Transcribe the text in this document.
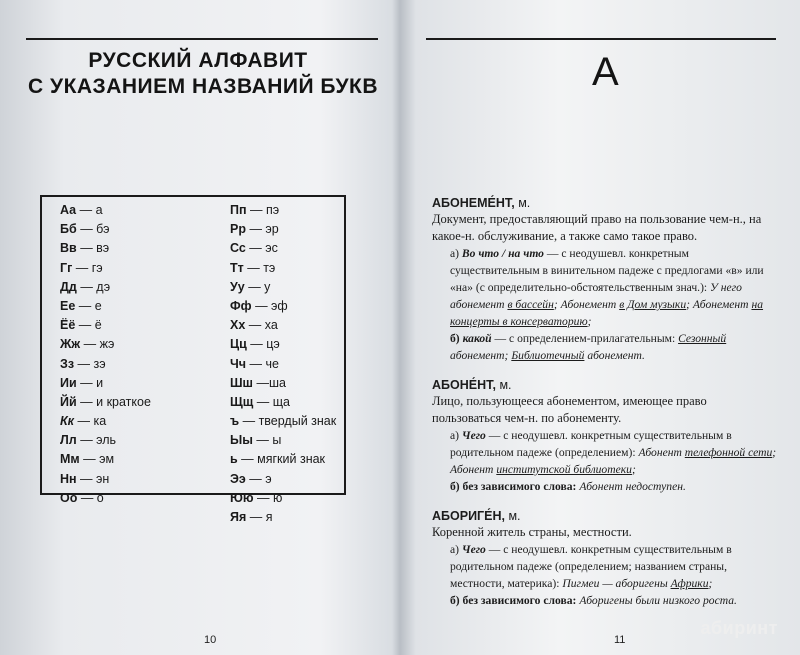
РУССКИЙ АЛФАВИТ
С УКАЗАНИЕМ НАЗВАНИЙ БУКВ
Аа — а
Бб — бэ
Вв — вэ
Гг — гэ
Дд — дэ
Ее — е
Ёё — ё
Жж — жэ
Зз — зэ
Ии — и
Йй — и краткое
Кк — ка
Лл — эль
Мм — эм
Нн — эн
Оо — о
Пп — пэ
Рр — эр
Сс — эс
Тт — тэ
Уу — у
Фф — эф
Хх — ха
Цц — цэ
Чч — че
Шш —ша
Щщ — ща
ъ — твердый знак
Ыы — ы
ь — мягкий знак
Ээ — э
Юю — ю
Яя — я
10
А
АБОНЕМЕ́НТ, м.
Документ, предоставляющий право на пользование чем-н., на какое-н. обслуживание, а также само такое право.
а) Во что / на что — с неодушевл. конкретным существительным в винительном падеже с предлогами «в» или «на» (с определительно-обстоятельственным знач.): У него абонемент в бассейн; Абонемент в Дом музыки; Абонемент на концерты в консерваторию;
б) какой — с определением-прилагательным: Сезонный абонемент; Библиотечный абонемент.
АБОНЕ́НТ, м.
Лицо, пользующееся абонементом, имеющее право пользоваться чем-н. по абонементу.
а) Чего — с неодушевл. конкретным существительным в родительном падеже (определением): Абонент телефонной сети; Абонент институтской библиотеки;
б) без зависимого слова: Абонент недоступен.
АБОРИГЕ́Н, м.
Коренной житель страны, местности.
а) Чего — с неодушевл. конкретным существительным в родительном падеже (определением; названием страны, местности, материка): Пигмеи — аборигены Африки;
б) без зависимого слова: Аборигены были низкого роста.
11
абиринт
